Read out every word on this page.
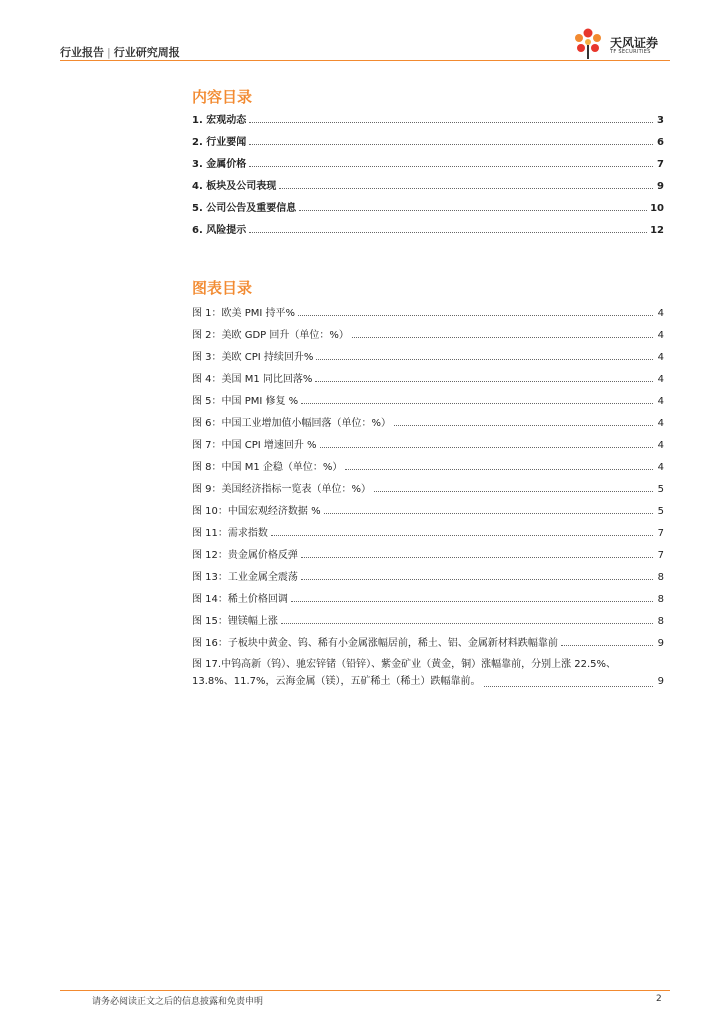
行业报告 | 行业研究周报
天风证券
TF SECURITIES
内容目录
1. 宏观动态	3
2. 行业要闻	6
3. 金属价格	7
4. 板块及公司表现	9
5. 公司公告及重要信息	10
6. 风险提示	12
图表目录
图 1：欧美 PMI 持平%	4
图 2：美欧 GDP 回升（单位：%）	4
图 3：美欧 CPI 持续回升%	4
图 4：美国 M1 同比回落%	4
图 5：中国 PMI 修复 %	4
图 6：中国工业增加值小幅回落（单位：%）	4
图 7：中国 CPI 增速回升 %	4
图 8：中国 M1 企稳（单位：%）	4
图 9：美国经济指标一览表（单位：%）	5
图 10：中国宏观经济数据 %	5
图 11：需求指数	7
图 12：贵金属价格反弹	7
图 13：工业金属全震荡	8
图 14：稀土价格回调	8
图 15：锂镁幅上涨	8
图 16：子板块中黄金、钨、稀有小金属涨幅居前，稀土、铝、金属新材料跌幅靠前	9
图 17.中钨高新（钨）、驰宏锌锗（铅锌）、紫金矿业（黄金，铜）涨幅靠前，分别上涨 22.5%、
13.8%、11.7%，云海金属（镁），五矿稀土（稀土）跌幅靠前。	9
请务必阅读正文之后的信息披露和免责申明	2
